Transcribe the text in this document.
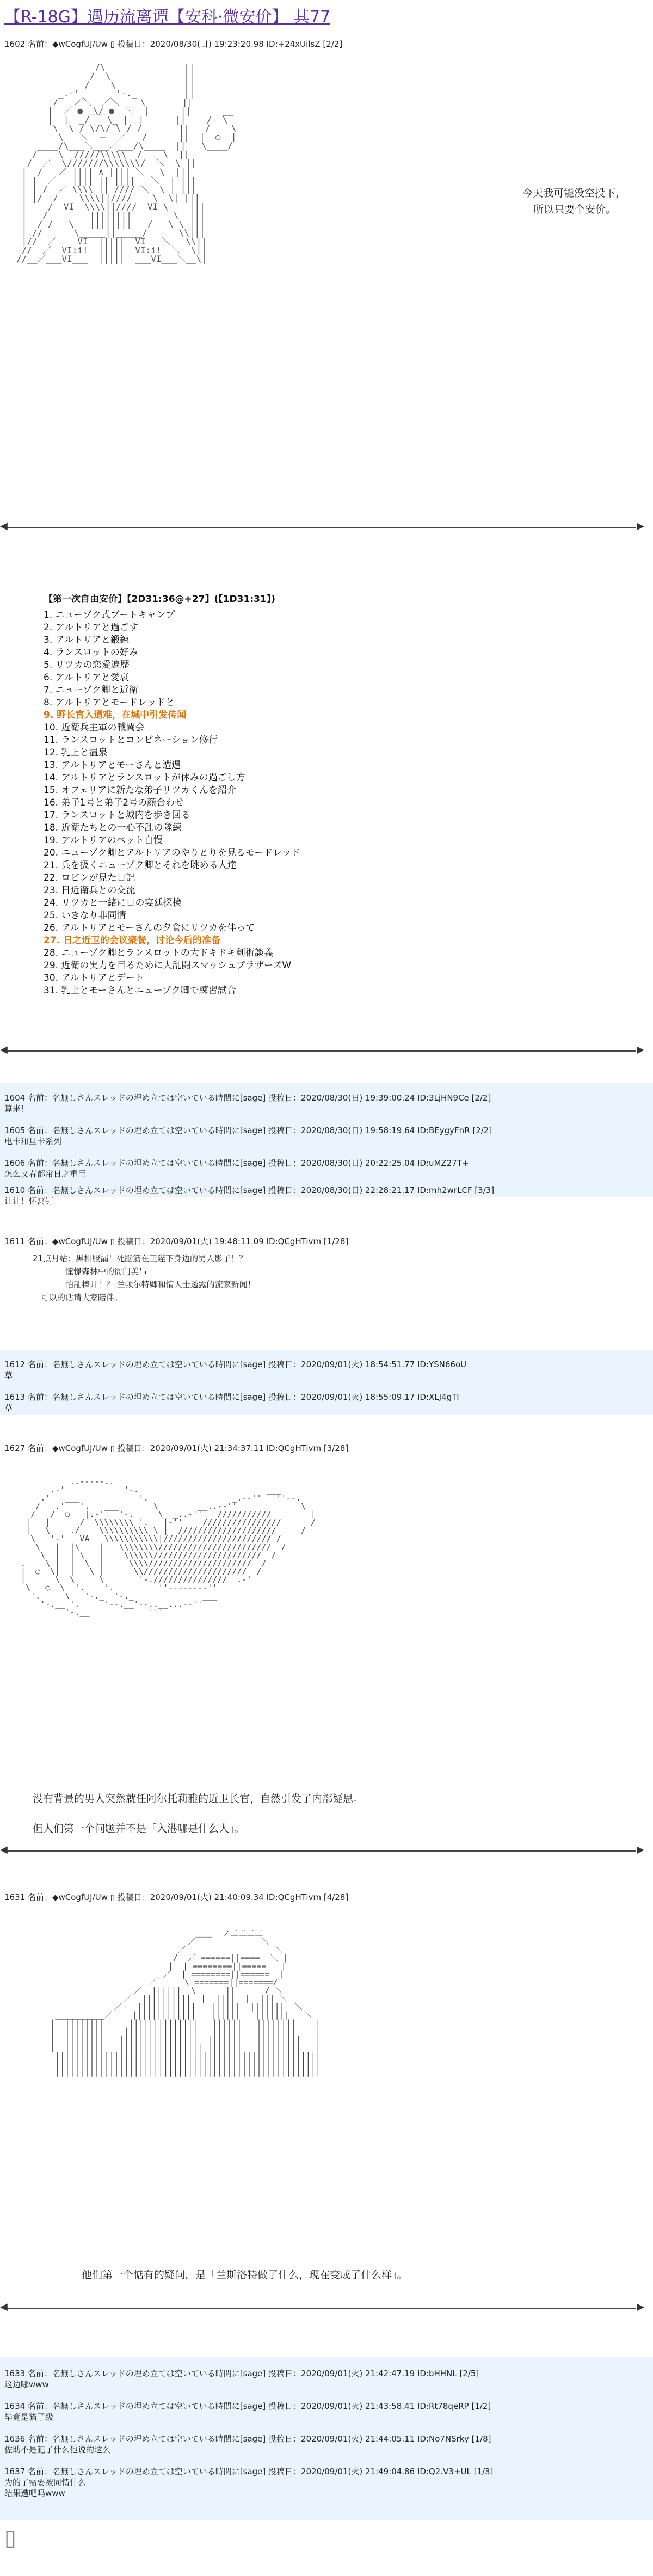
【R-18G】遇历流离谭【安科·微安价】 其77
1602 名前：◆wCogfUJ/Uw ▯ 投稿日：2020/08/30(日) 19:23:20.98 ID:+24xUilsZ [2/2]
/\               ||
/  \              ||
/    \             ||
_.-'       '-._         ||
/   ／＼  ／＼    \       ||
|  ／ ●  \/ ●  ＼  |      ||      __
|  |  _/￣￣\_ |  |      ||    /  \
\  \_/ \/\/ \_/ /       ||   /    \
\   ＼  ＝  ／   /      ||  |  ○  |
____/\___＼___／___/\____  ||   \____/
/    \  /////\\\\\  /    \  ||
/  ／  \///////\\\\\\\/  ＼  \ ||
|  /   ／ |||| ∧ |||| ＼   \  |||
| |  ／   |||| || ||||   ＼  | |||
| | /  ／ \\\\ || //// ＼  \ | |||
| |/  /    \\\\||////    \  \| |||
|    /  VI  \\\\||////  VI \    |||
|   / ___    ||||||||    ___ \  |||
|  /_/   \___||||||||___/   \_\ |||
| //      \_____||_____/      \\|||
|//  ／    VI  |||||  VI   ＼   \\||
//  ／  VI:i!  |||||  VI:i!  ＼  \||
//__／___VI___  |||||  ___VI___＼__\|

今天我可能没空投下，
所以只要个安价。
◀	▶
【第一次自由安价】【2D31:36@+27】(【1D31:31】)
1. ニューゾク式ブートキャンプ
2. アルトリアと過ごす
3. アルトリアと鍛錬
4. ランスロットの好み
5. リツカの恋愛遍歴
6. アルトリアと愛哀
7. ニューゾク卿と近衛
8. アルトリアとモードレッドと
9. 野长官入遭难，在城中引发传闻
10. 近衛兵主軍の戦闘会
11. ランスロットとコンビネーション修行
12. 乳上と温泉
13. アルトリアとモーさんと遭遇
14. アルトリアとランスロットが休みの過ごし方
15. オフェリアに新たな弟子リツカくんを紹介
16. 弟子1号と弟子2号の顔合わせ
17. ランスロットと城内を歩き回る
18. 近衛たちとの一心不乱の隊練
19. アルトリアのペット自慢
20. ニューゾク卿とアルトリアのやりとりを見るモードレッド
21. 兵を扱くニューゾク卿とそれを眺める人達
22. ロビンが見た日記
23. 日近衛兵との交流
24. リツカと一緒に日の宴廷探検
25. いきなり非同情
26. アルトリアとモーさんの夕食にリツカを伴って
27. 日之近卫的会议聚餐，讨论今后的准备
28. ニューゾク卿とランスロットの大ドキドキ剣術談義
29. 近衛の実力を目るために大乱闘スマッシュブラザーズW
30. アルトリアとデート
31. 乳上とモーさんとニューゾク卿で練習試合
◀	▶
1604 名前：名無しさんスレッドの埋め立ては空いている時間に[sage] 投稿日：2020/08/30(日) 19:39:00.24 ID:3LjHN9Ce [2/2]
算来！
1605 名前：名無しさんスレッドの埋め立ては空いている時間に[sage] 投稿日：2020/08/30(日) 19:58:19.64 ID:BEygyFnR [2/2]
电卡和旦卡系列
1606 名前：名無しさんスレッドの埋め立ては空いている時間に[sage] 投稿日：2020/08/30(日) 20:22:25.04 ID:uMZ27T+
怎么又春都帘日之重臣
1610 名前：名無しさんスレッドの埋め立ては空いている時間に[sage] 投稿日：2020/08/30(日) 22:28:21.17 ID:mh2wrLCF [3/3]
让让！怀窝钉
1611 名前：◆wCogfUJ/Uw ▯ 投稿日：2020/09/01(火) 19:48:11.09 ID:QCgHTivm [1/28]
21点月站：黒相服漏！死脳筋在王陛下身边的男人影子！？
　　　　憧憬森林中的衙门美吊
　　　　怕乱棒开！？ 兰顿尔特卿和情人士透露的流家新闻！
　可以的话请大家陪伴。
1612 名前：名無しさんスレッドの埋め立ては空いている時間に[sage] 投稿日：2020/09/01(火) 18:54:51.77 ID:YSN66oU
草
1613 名前：名無しさんスレッドの埋め立ては空いている時間に[sage] 投稿日：2020/09/01(火) 18:55:09.17 ID:XLJ4gTI
草
1627 名前：◆wCogfUJ/Uw ▯ 投稿日：2020/09/01(火) 21:34:37.11 ID:QCgHTivm [3/28]
_..-----.._
.-'            '-.                          ___
.'   ___            '.                 _.--''   ''--.
/   .'   '.   ___       \        __..--''             \
/   /  ○   |.-'   '-.     \  _..-''   ///////////        |
|   |      /  \\\\\\\\ '.   |-''    ////////////////      /
|   \   _./    \\\\\\\\\\ \ |  ////////////////////  ___/
\   '-'   VA   \\\\\\\\\\\|////////////////////// /
\   |  |\    |   \\\\\\\\///////////////////////  /
\  |  | \   |    \\\\\\//////////////////////  /
.    \ |  |  \  |     \\\\/////////////////////  /
|  ○  \|  |   \_|      \\/////////////////////  /
|      \  \     \       '-.///////////////__.-'
\   ○  \  '.    '.         ''--------''
'.     \   '-._  '-._              ___
'-.__ '.     '--.__'--..__...--''
'-.__            '''

没有背景的男人突然就任阿尔托莉雅的近卫长官，自然引发了内部疑思。
但人们第一个问题并不是「入港哪是什么人」。
◀	▶
1631 名前：◆wCogfUJ/Uw ▯ 投稿日：2020/09/01(火) 21:40:09.34 ID:QCgHTivm [4/28]
_ノ二二二二
／￣￣          ＼
／  ______________  ＼
/  ／ ======||====  ＼ |
|  | ========||=====   |
／  | ========||======  |
／￣    \ =======||=======/
／  ||||||  \______||______/ ＼
／  ||||||||||  |  ||||  |  ||| ＼
／   ||||||||||||   ||||||  |||||||  ＼
__________／    |||||||||||||   ||||||   |||||||   ＼
|  ||||||||     ||||||||||||||   ||||||   ||||||||    |
|  ||||||||    |||||||||||||||   ||||||   ||||||||    |
|  ||||||||   ||||||||||||||||  |||||||   |||||||||   |
|__||||||||___|||||||||||||||||_|||||||___|||||||||___|
||||||||||||||||||||||||||||||||||||||||||||||||||||||
||||||||||||||||||||||||||||||||||||||||||||||||||||||
||||||||||||||||||||||||||||||||||||||||||||||||||||||

他们第一个惦有的疑问，是「兰斯洛特做了什么，现在变成了什么样」。
◀	▶
1633 名前：名無しさんスレッドの埋め立ては空いている時間に[sage] 投稿日：2020/09/01(火) 21:42:47.19 ID:bHHNL [2/5]
这边哪www
1634 名前：名無しさんスレッドの埋め立ては空いている時間に[sage] 投稿日：2020/09/01(火) 21:43:58.41 ID:Rt78qeRP [1/2]
毕竟是猎了级
1636 名前：名無しさんスレッドの埋め立ては空いている時間に[sage] 投稿日：2020/09/01(火) 21:44:05.11 ID:No7NSrky [1/8]
佐助不是犯了什么他说的这么
1637 名前：名無しさんスレッドの埋め立ては空いている時間に[sage] 投稿日：2020/09/01(火) 21:49:04.86 ID:Q2.V3+UL [1/3]
为的了需要被同情什么
结果遭吧吗www
▯
